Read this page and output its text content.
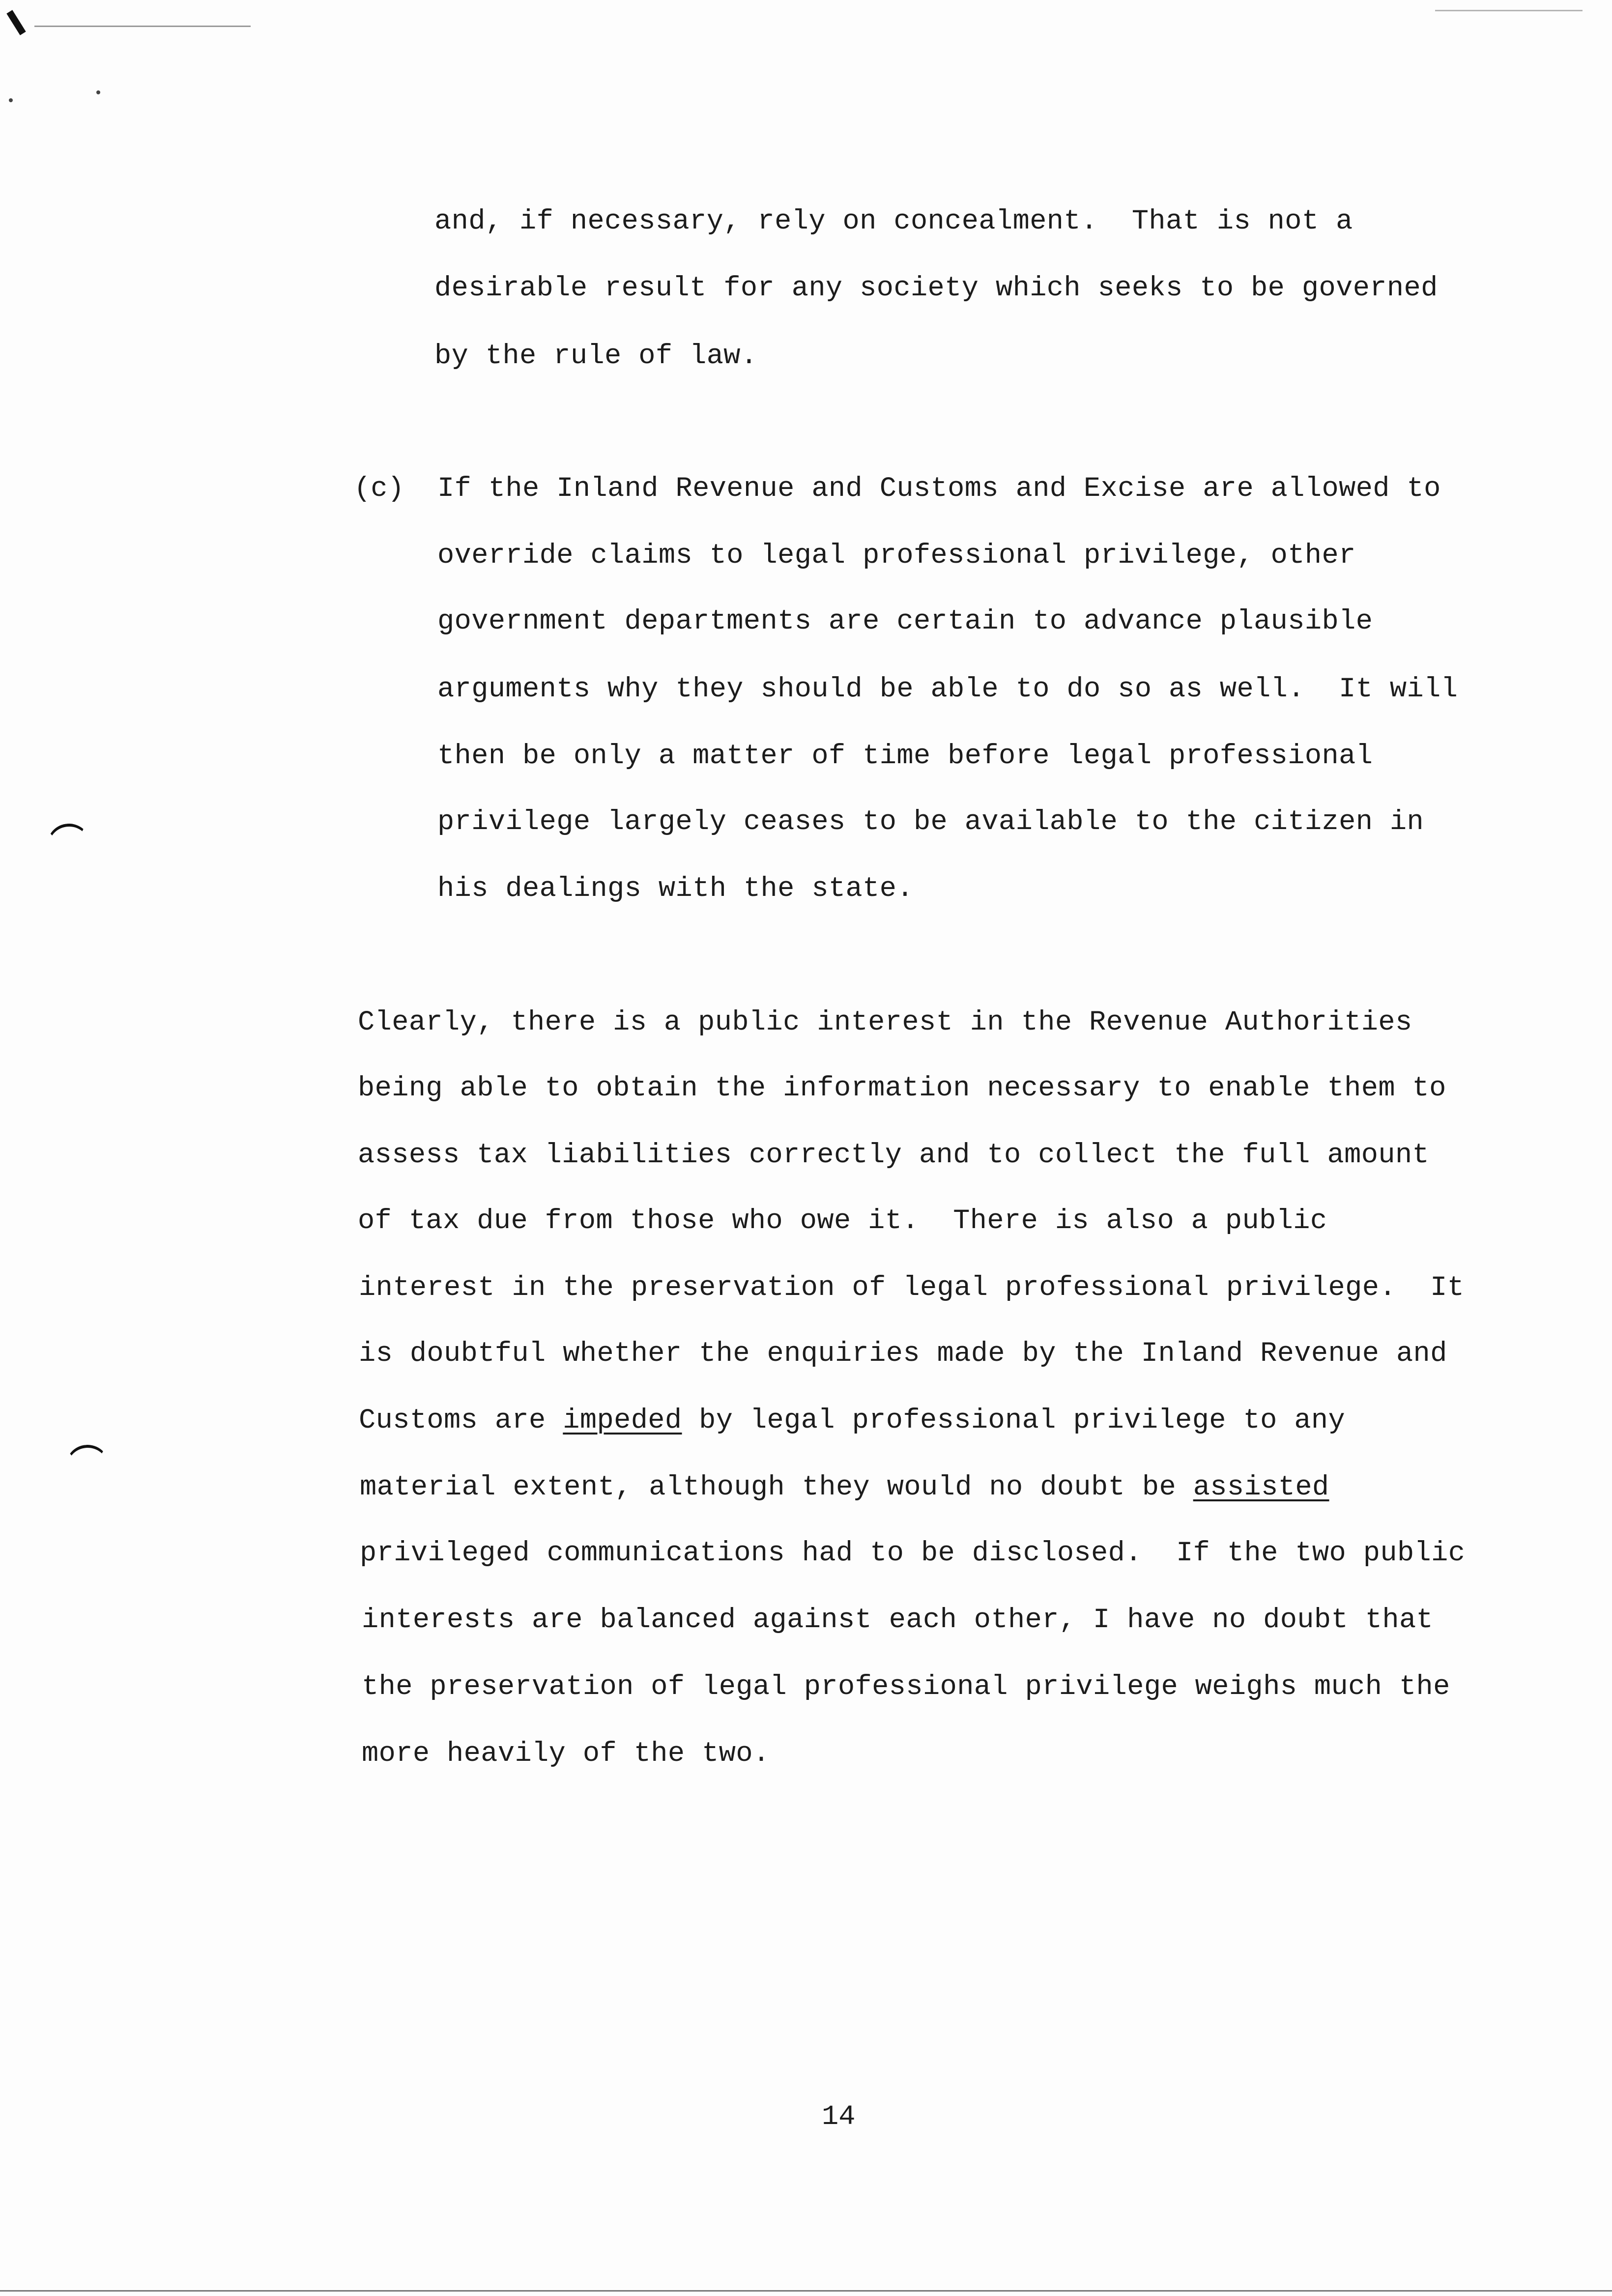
and, if necessary, rely on concealment.  That is not a
desirable result for any society which seeks to be governed
by the rule of law.
(c) If the Inland Revenue and Customs and Excise are allowed to
override claims to legal professional privilege, other
government departments are certain to advance plausible
arguments why they should be able to do so as well.  It will
then be only a matter of time before legal professional
privilege largely ceases to be available to the citizen in
his dealings with the state.
Clearly, there is a public interest in the Revenue Authorities
being able to obtain the information necessary to enable them to
assess tax liabilities correctly and to collect the full amount
of tax due from those who owe it.  There is also a public
interest in the preservation of legal professional privilege.  It
is doubtful whether the enquiries made by the Inland Revenue and
Customs are impeded by legal professional privilege to any
material extent, although they would no doubt be assisted
privileged communications had to be disclosed.  If the two public
interests are balanced against each other, I have no doubt that
the preservation of legal professional privilege weighs much the
more heavily of the two.
14
